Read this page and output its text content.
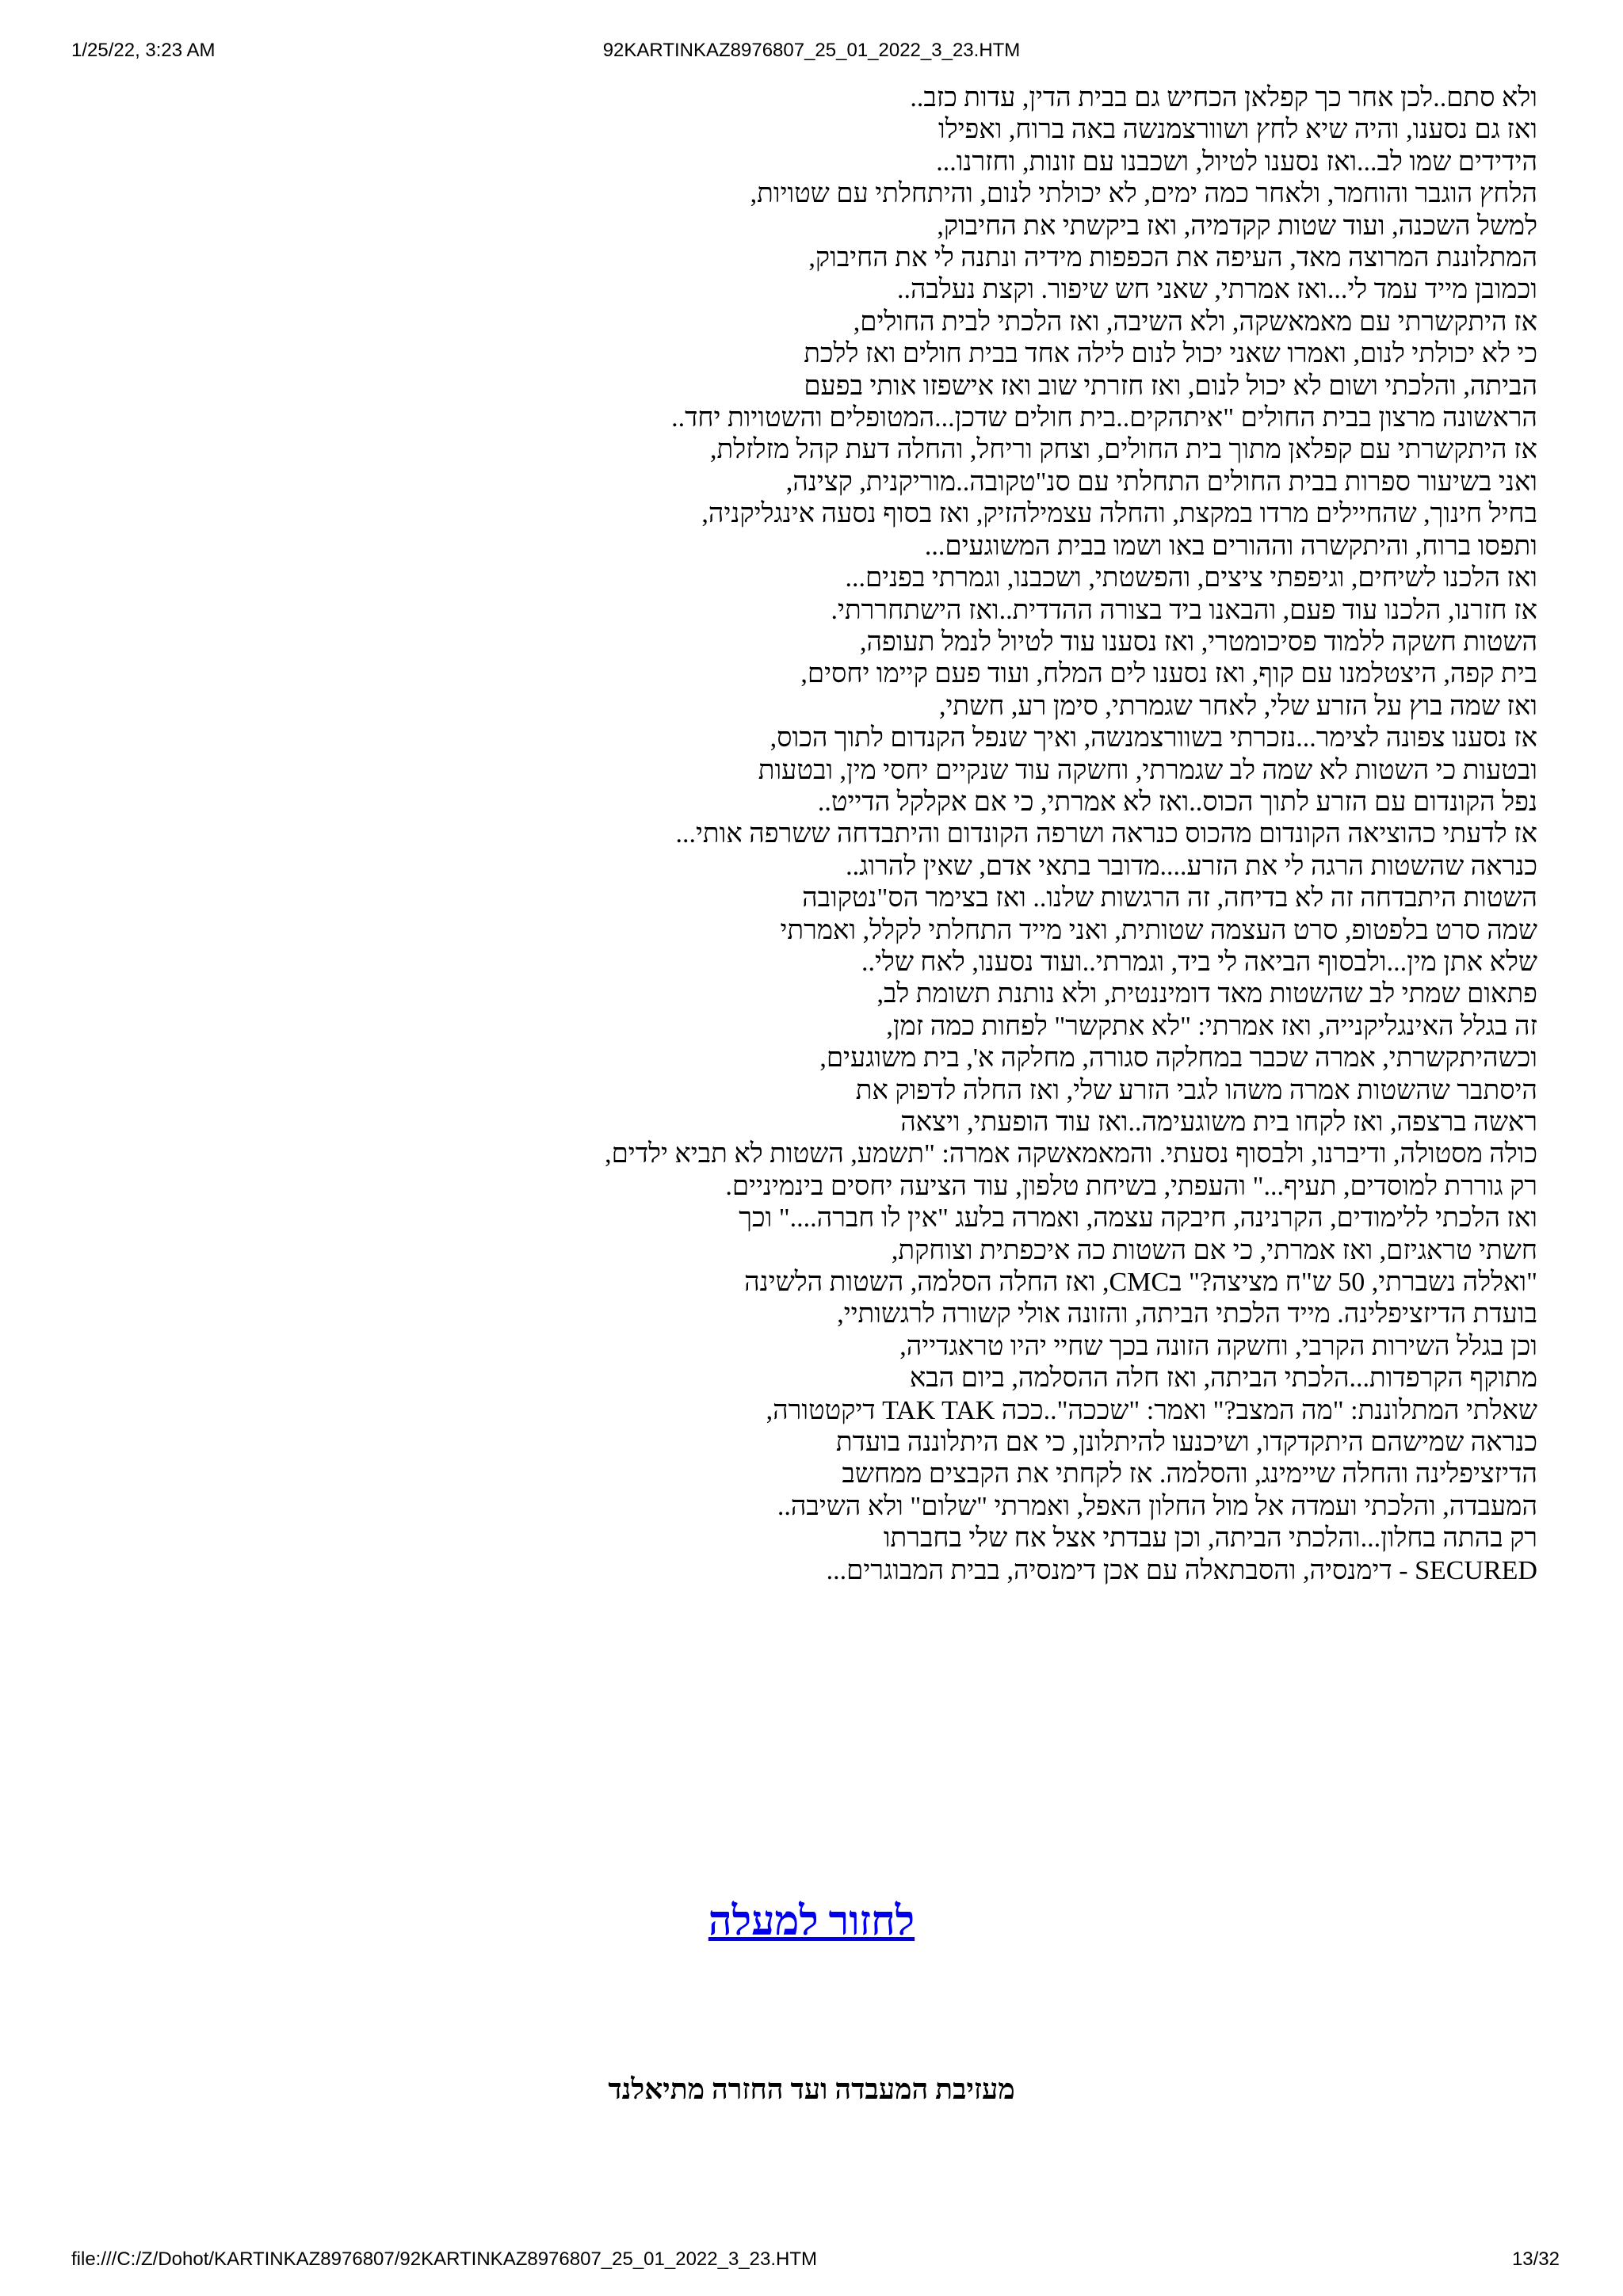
1/25/22, 3:23 AM	92KARTINKAZ8976807_25_01_2022_3_23.HTM
ולא סתם..לכן אחר כך קפלאן הכחיש גם בבית הדין, עדות כזב..
ואז גם נסענו, והיה שיא לחץ ושוורצמנשה באה ברוח, ואפילו
הידידים שמו לב...ואז נסענו לטיול, ושכבנו עם זונות, וחזרנו...
הלחץ הוגבר והוחמר, ולאחר כמה ימים, לא יכולתי לנום, והיתחלתי עם שטויות,
למשל השכנה, ועוד שטות קקדמיה, ואז ביקשתי את החיבוק,
המתלוננת המרוצה מאד, העיפה את הכפפות מידיה ונתנה לי את החיבוק,
וכמובן מייד עמד לי...ואז אמרתי, שאני חש שיפור. וקצת נעלבה..
אז היתקשרתי עם מאמאשקה, ולא השיבה, ואז הלכתי לבית החולים,
כי לא יכולתי לנום, ואמרו שאני יכול לנום לילה אחד בבית חולים ואז ללכת
הביתה, והלכתי ושום לא יכול לנום, ואז חזרתי שוב ואז אישפזו אותי בפעם
הראשונה מרצון בבית החולים "איתהקים..בית חולים שדכן...המטופלים והשטויות יחד..
אז היתקשרתי עם קפלאן מתוך בית החולים, וצחק וריחל, והחלה דעת קהל מזלזלת,
ואני בשיעור ספרות בבית החולים התחלתי עם סנ"טקובה..מוריקנית, קצינה,
בחיל חינוך, שהחיילים מרדו במקצת, והחלה עצמילהזיק, ואז בסוף נסעה אינגליקניה,
ותפסו ברוח, והיתקשרה וההורים באו ושמו בבית המשוגעים...
ואז הלכנו לשיחים, וגיפפתי ציצים, והפשטתי, ושכבנו, וגמרתי בפנים...
אז חזרנו, הלכנו עוד פעם, והבאנו ביד בצורה ההדדית..ואז הישתחררתי.
השטות חשקה ללמוד פסיכומטרי, ואז נסענו עוד לטיול לנמל תעופה,
בית קפה, היצטלמנו עם קוף, ואז נסענו לים המלח, ועוד פעם קיימו יחסים,
ואז שמה בוץ על הזרע שלי, לאחר שגמרתי, סימן רע, חשתי,
אז נסענו צפונה לצימר...נזכרתי בשוורצמנשה, ואיך שנפל הקנדום לתוך הכוס,
ובטעות כי השטות לא שמה לב שגמרתי, וחשקה עוד שנקיים יחסי מין, ובטעות
נפל הקונדום עם הזרע לתוך הכוס..ואז לא אמרתי, כי אם אקלקל הדייט..
אז לדעתי כהוציאה הקונדום מהכוס כנראה ושרפה הקונדום והיתבדחה ששרפה אותי...
כנראה שהשטות הרגה לי את הזרע....מדובר בתאי אדם, שאין להרוג..
השטות היתבדחה זה לא בדיחה, זה הרגשות שלנו.. ואז בצימר הס"נטקובה
שמה סרט בלפטופ, סרט העצמה שטותית, ואני מייד התחלתי לקלל, ואמרתי
שלא אתן מין...ולבסוף הביאה לי ביד, וגמרתי..ועוד נסענו, לאח שלי..
פתאום שמתי לב שהשטות מאד דומיננטית, ולא נותנת תשומת לב,
זה בגלל האינגליקנייה, ואז אמרתי: "לא אתקשר" לפחות כמה זמן,
וכשהיתקשרתי, אמרה שכבר במחלקה סגורה, מחלקה א', בית משוגעים,
היסתבר שהשטות אמרה משהו לגבי הזרע שלי, ואז החלה לדפוק את
ראשה ברצפה, ואז לקחו בית משוגעימה..ואז עוד הופעתי, ויצאה
כולה מסטולה, ודיברנו, ולבסוף נסעתי. והמאמאשקה אמרה: "תשמע, השטות לא תביא ילדים,
רק גוררת למוסדים, תעיף..." והעפתי, בשיחת טלפון, עוד הציעה יחסים בינמיניים.
ואז הלכתי ללימודים, הקרנינה, חיבקה עצמה, ואמרה בלעג "אין לו חברה...." וכך
חשתי טראגיזם, ואז אמרתי, כי אם השטות כה איכפתית וצוחקת,
"ואללה נשברתי, 50 ש"ח מציצה?" בCMC, ואז החלה הסלמה, השטות הלשינה
בועדת הדיזציפלינה. מייד הלכתי הביתה, והזונה אולי קשורה לרגשותיי,
וכן בגלל השירות הקרבי, וחשקה הזונה בכך שחיי יהיו טראגדייה,
מתוקף הקרפדות...הלכתי הביתה, ואז חלה ההסלמה, ביום הבא
שאלתי המתלוננת: "מה המצב?" ואמר: "שככה"..ככה TAK TAK דיקטטורה,
כנראה שמישהם היתקדקדו, ושיכנעו להיתלונן, כי אם היתלוננה בועדת
הדיזציפלינה והחלה שיימינג, והסלמה. אז לקחתי את הקבצים ממחשב
המעבדה, והלכתי ועמדה אל מול החלון האפל, ואמרתי "שלום" ולא השיבה..
רק בהתה בחלון...והלכתי הביתה, וכן עבדתי אצל אח שלי בחברתו
SECURED - דימנסיה, והסבתאלה עם אכן דימנסיה, בבית המבוגרים...
לחזור למעלה
מעזיבת המעבדה ועד החזרה מתיאלנד
file:///C:/Z/Dohot/KARTINKAZ8976807/92KARTINKAZ8976807_25_01_2022_3_23.HTM	13/32
